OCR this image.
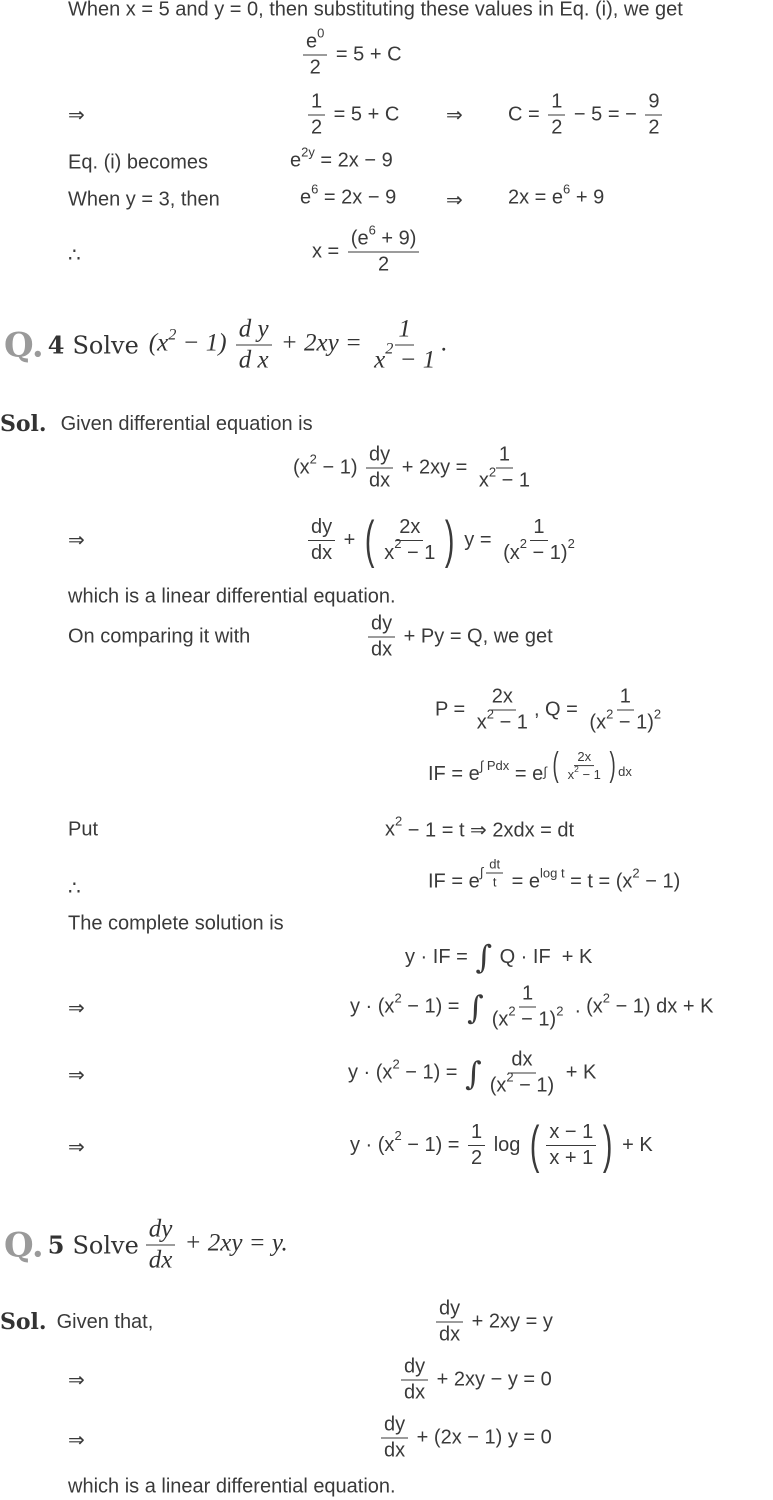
When x = 5 and y = 0, then substituting these values in Eq. (i), we get
$\frac{e 0}{2} = 5 + C$
⇒	$\frac{1}{2} = 5 + C$ ⇒ $C = \frac{1}{2} - 5$ = − $\frac{9}{2}$
Eq. (i) becomes	e 2y = 2x − 9
When y = 3, then	e 6 = 2x − 9 ⇒ 2x = e 6 + 9
∴	$x = \frac{(e 6 + 9)}{2}$
Q. 4 Solve $(x^2 - 1) \frac{\text{d y}}{\text{d x}} + 2xy = \frac{1}{x 2 - 1}$ .
Sol. Given differential equation is
(x $2 - 1) \frac{dy}{dx} + 2xy = \frac{1}{x 2 - 1}$
⇒	$\frac{dy}{dx}$ + ( $\frac{2x}{x 2 - 1}$ ) $y = \frac{1}{(x 2 - 1) 2}$
which is a linear differential equation.
On comparing it with	$\frac{dy}{dx} + Py = Q$, we get
$P = \frac{2x}{x 2 - 1}$ , $Q = \frac{1}{(x 2 - 1) 2}$
IF = e ∫ Pdx = e ∫ ( $\frac{2x}{x 2 - 1}$ ) dx
Put	x 2 − 1 = t ⇒ 2xdx = dt
∴	IF = e ∫ $\frac{dt}{t} = e$ log t = t = (x 2 − 1)
The complete solution is
y · IF = ∫ Q · IF  + K
⇒	y · (x 2 − 1) = ∫ $\frac{1}{(x 2 - 1) 2}$ . (x 2 − 1) dx + K
⇒	y · (x 2 − 1) = ∫ $\frac{dx}{(x 2 - 1)} + K$
⇒	y · (x $2 - 1) = \frac{1}{2}$ log ( $\frac{x - 1}{x + 1}$ ) + K
Q. 5 Solve $\frac{dy}{dx} + 2xy = y$.
Sol. Given that,	$\frac{dy}{dx} + 2xy = y$
⇒	$\frac{dy}{dx} + 2xy - y = 0$
⇒	$\frac{dy}{dx} + (2x - 1) y = 0$
which is a linear differential equation.
